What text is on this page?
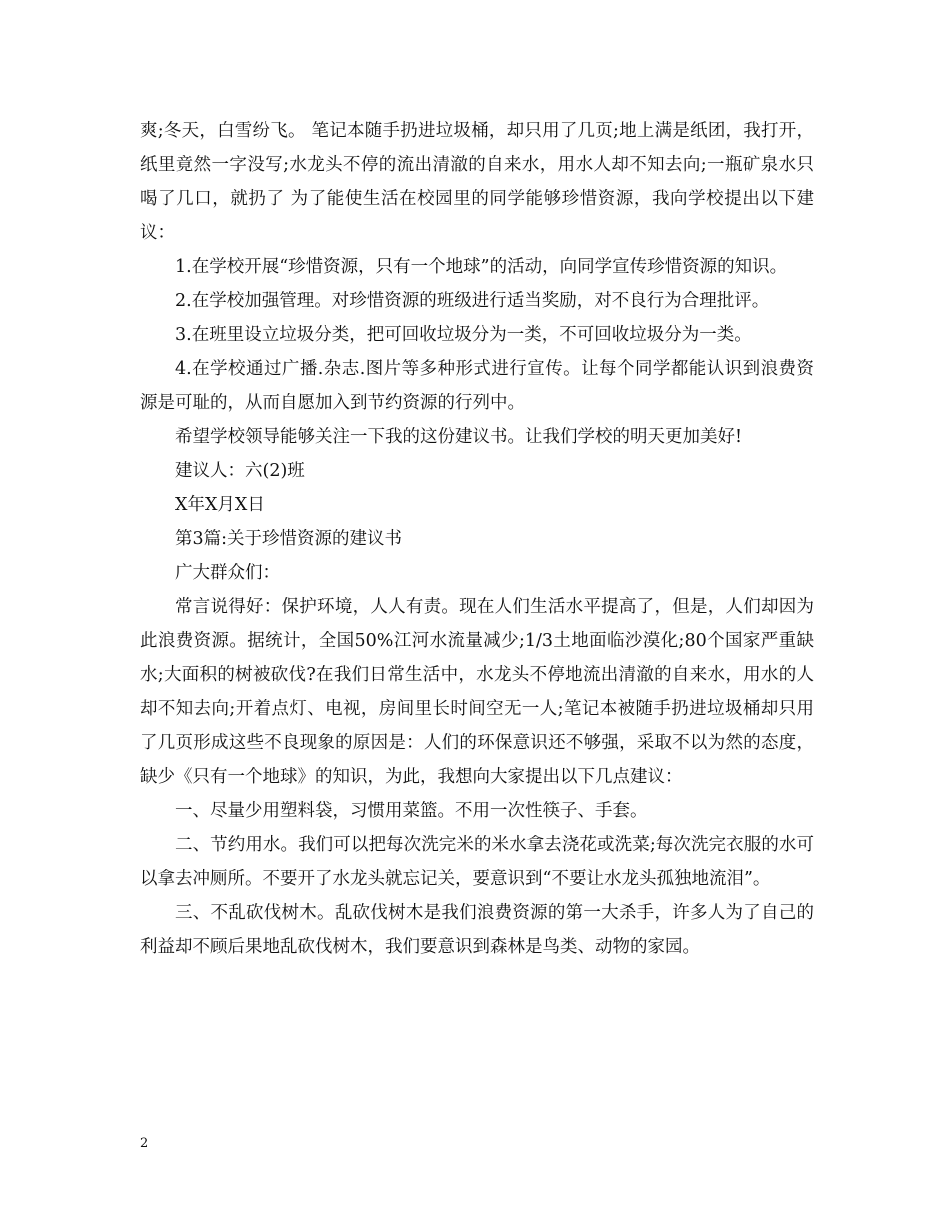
爽;冬天，白雪纷飞。 笔记本随手扔进垃圾桶，却只用了几页;地上满是纸团，我打开，纸里竟然一字没写;水龙头不停的流出清澈的自来水，用水人却不知去向;一瓶矿泉水只喝了几口，就扔了 为了能使生活在校园里的同学能够珍惜资源，我向学校提出以下建议：

1.在学校开展“珍惜资源，只有一个地球”的活动，向同学宣传珍惜资源的知识。

2.在学校加强管理。对珍惜资源的班级进行适当奖励，对不良行为合理批评。

3.在班里设立垃圾分类，把可回收垃圾分为一类，不可回收垃圾分为一类。

4.在学校通过广播.杂志.图片等多种形式进行宣传。让每个同学都能认识到浪费资源是可耻的，从而自愿加入到节约资源的行列中。

希望学校领导能够关注一下我的这份建议书。让我们学校的明天更加美好!

建议人：六(2)班

X年X月X日

第3篇:关于珍惜资源的建议书

广大群众们：

常言说得好：保护环境，人人有责。现在人们生活水平提高了，但是，人们却因为此浪费资源。据统计，全国50%江河水流量减少;1/3土地面临沙漠化;80个国家严重缺水;大面积的树被砍伐?在我们日常生活中，水龙头不停地流出清澈的自来水，用水的人却不知去向;开着点灯、电视，房间里长时间空无一人;笔记本被随手扔进垃圾桶却只用了几页形成这些不良现象的原因是：人们的环保意识还不够强，采取不以为然的态度，缺少《只有一个地球》的知识，为此，我想向大家提出以下几点建议：

一、尽量少用塑料袋，习惯用菜篮。不用一次性筷子、手套。

二、节约用水。我们可以把每次洗完米的米水拿去浇花或洗菜;每次洗完衣服的水可以拿去冲厕所。不要开了水龙头就忘记关，要意识到“不要让水龙头孤独地流泪”。

三、不乱砍伐树木。乱砍伐树木是我们浪费资源的第一大杀手，许多人为了自己的利益却不顾后果地乱砍伐树木，我们要意识到森林是鸟类、动物的家园。

2
